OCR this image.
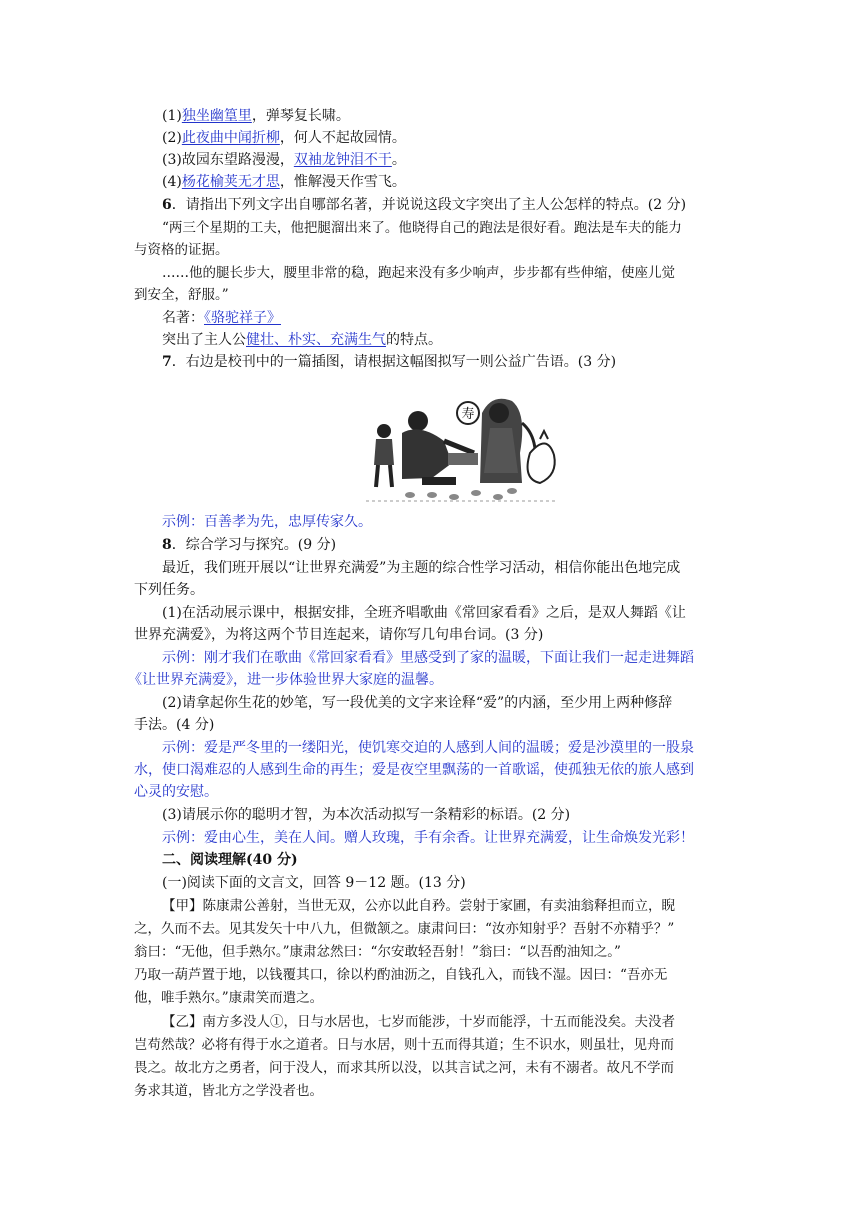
(1)独坐幽篁里，弹琴复长啸。
(2)此夜曲中闻折柳，何人不起故园情。
(3)故园东望路漫漫，双袖龙钟泪不干。
(4)杨花榆荚无才思，惟解漫天作雪飞。
6．请指出下列文字出自哪部名著，并说说这段文字突出了主人公怎样的特点。(2 分)
“两三个星期的工夫，他把腿溜出来了。他晓得自己的跑法是很好看。跑法是车夫的能力
与资格的证据。
……他的腿长步大，腰里非常的稳，跑起来没有多少响声，步步都有些伸缩，使座儿觉
到安全，舒服。”
名著：《骆驼祥子》
突出了主人公健壮、朴实、充满生气的特点。
7．右边是校刊中的一篇插图，请根据这幅图拟写一则公益广告语。(3 分)
寿
示例：百善孝为先，忠厚传家久。
8．综合学习与探究。(9 分)
最近，我们班开展以“让世界充满爱”为主题的综合性学习活动，相信你能出色地完成
下列任务。
(1)在活动展示课中，根据安排，全班齐唱歌曲《常回家看看》之后，是双人舞蹈《让
世界充满爱》，为将这两个节目连起来，请你写几句串台词。(3 分)
示例：刚才我们在歌曲《常回家看看》里感受到了家的温暖，下面让我们一起走进舞蹈
《让世界充满爱》，进一步体验世界大家庭的温馨。
(2)请拿起你生花的妙笔，写一段优美的文字来诠释“爱”的内涵，至少用上两种修辞
手法。(4 分)
示例：爱是严冬里的一缕阳光，使饥寒交迫的人感到人间的温暖；爱是沙漠里的一股泉
水，使口渴难忍的人感到生命的再生；爱是夜空里飘荡的一首歌谣，使孤独无依的旅人感到
心灵的安慰。
(3)请展示你的聪明才智，为本次活动拟写一条精彩的标语。(2 分)
示例：爱由心生，美在人间。赠人玫瑰，手有余香。让世界充满爱，让生命焕发光彩！
二、阅读理解(40 分)
(一)阅读下面的文言文，回答 9－12 题。(13 分)
【甲】陈康肃公善射，当世无双，公亦以此自矜。尝射于家圃，有卖油翁释担而立，睨
之，久而不去。见其发矢十中八九，但微颔之。康肃问曰：“汝亦知射乎？吾射不亦精乎？”
翁曰：“无他，但手熟尔。”康肃忿然曰：“尔安敢轻吾射！”翁曰：“以吾酌油知之。”
乃取一葫芦置于地，以钱覆其口，徐以杓酌油沥之，自钱孔入，而钱不湿。因曰：“吾亦无
他，唯手熟尔。”康肃笑而遣之。
【乙】南方多没人①，日与水居也，七岁而能涉，十岁而能浮，十五而能没矣。夫没者
岂苟然哉？必将有得于水之道者。日与水居，则十五而得其道；生不识水，则虽壮，见舟而
畏之。故北方之勇者，问于没人，而求其所以没，以其言试之河，未有不溺者。故凡不学而
务求其道，皆北方之学没者也。
